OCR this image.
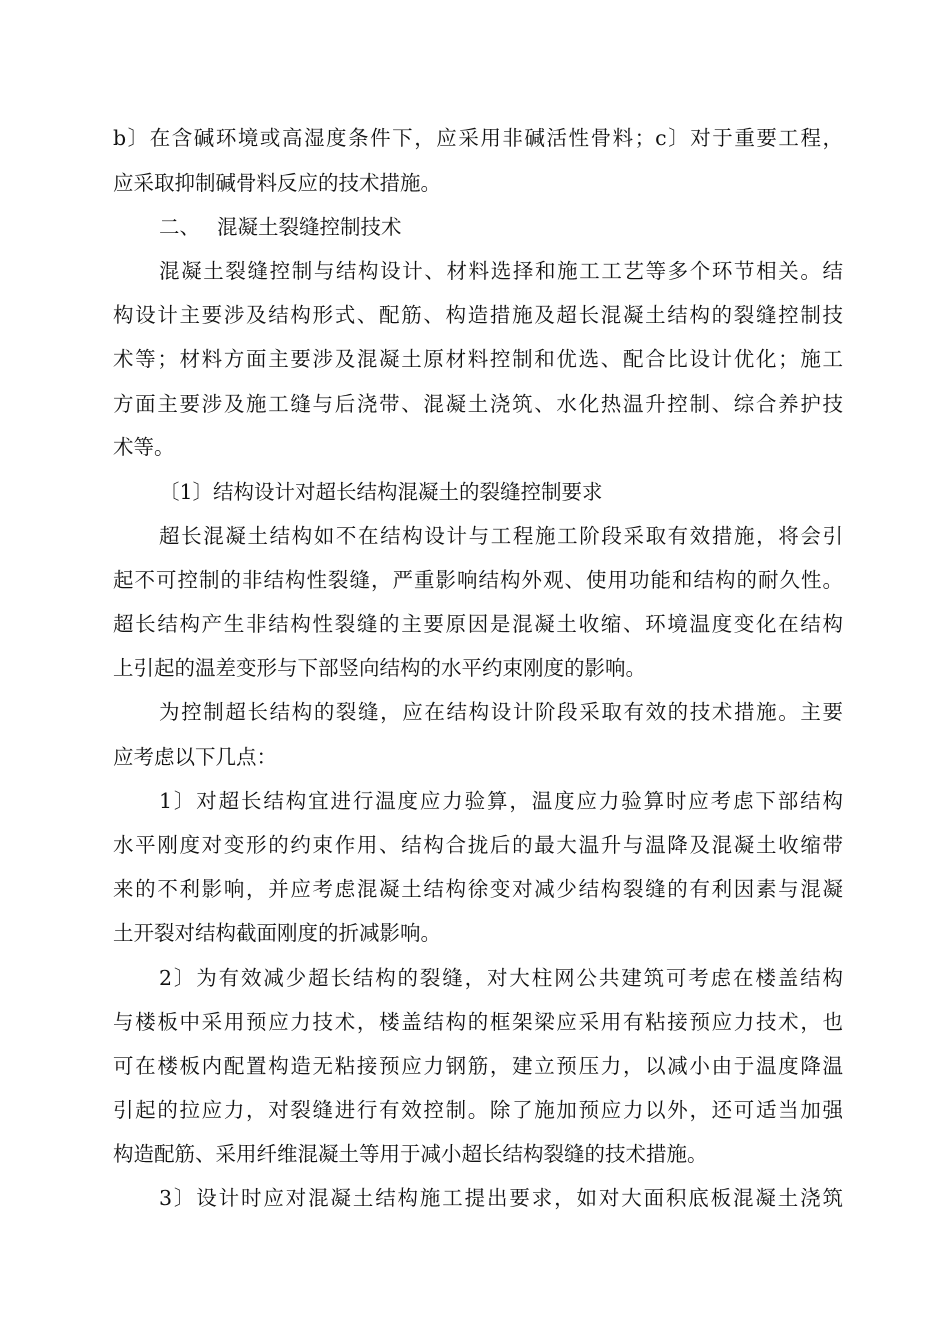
b〕在含碱环境或高湿度条件下，应采用非碱活性骨料；c〕对于重要工程，
应采取抑制碱骨料反应的技术措施。
二、 混凝土裂缝控制技术
混凝土裂缝控制与结构设计、材料选择和施工工艺等多个环节相关。结
构设计主要涉及结构形式、配筋、构造措施及超长混凝土结构的裂缝控制技
术等；材料方面主要涉及混凝土原材料控制和优选、配合比设计优化；施工
方面主要涉及施工缝与后浇带、混凝土浇筑、水化热温升控制、综合养护技
术等。
〔1〕结构设计对超长结构混凝土的裂缝控制要求
超长混凝土结构如不在结构设计与工程施工阶段采取有效措施，将会引
起不可控制的非结构性裂缝，严重影响结构外观、使用功能和结构的耐久性。
超长结构产生非结构性裂缝的主要原因是混凝土收缩、环境温度变化在结构
上引起的温差变形与下部竖向结构的水平约束刚度的影响。
为控制超长结构的裂缝，应在结构设计阶段采取有效的技术措施。主要
应考虑以下几点：
1〕对超长结构宜进行温度应力验算，温度应力验算时应考虑下部结构
水平刚度对变形的约束作用、结构合拢后的最大温升与温降及混凝土收缩带
来的不利影响，并应考虑混凝土结构徐变对减少结构裂缝的有利因素与混凝
土开裂对结构截面刚度的折减影响。
2〕为有效减少超长结构的裂缝，对大柱网公共建筑可考虑在楼盖结构
与楼板中采用预应力技术，楼盖结构的框架梁应采用有粘接预应力技术，也
可在楼板内配置构造无粘接预应力钢筋，建立预压力，以减小由于温度降温
引起的拉应力，对裂缝进行有效控制。除了施加预应力以外，还可适当加强
构造配筋、采用纤维混凝土等用于减小超长结构裂缝的技术措施。
3〕设计时应对混凝土结构施工提出要求，如对大面积底板混凝土浇筑
